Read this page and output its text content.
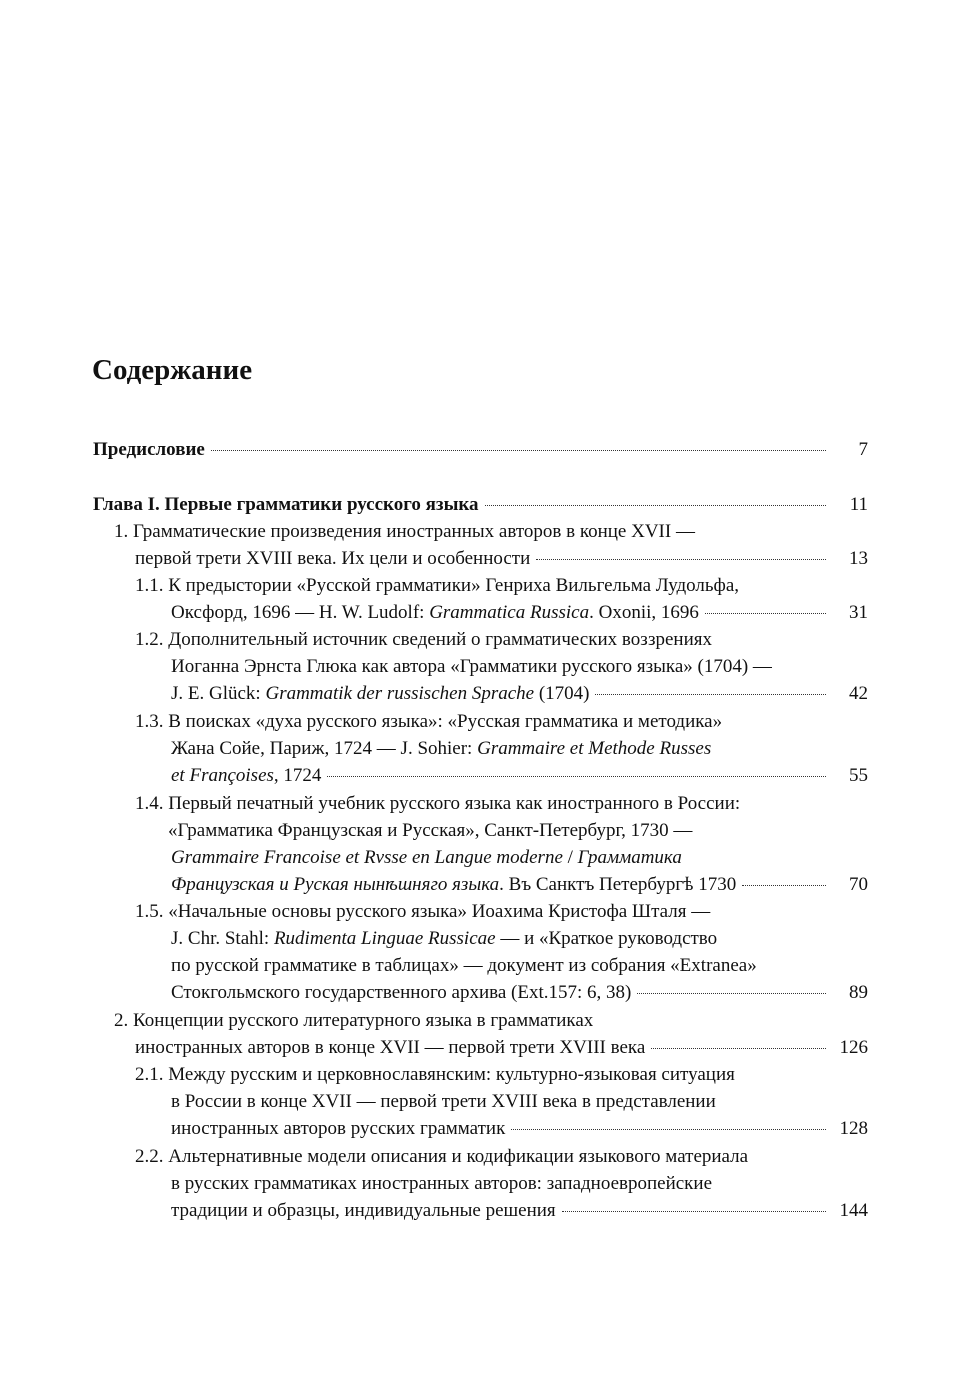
Содержание
Предисловие	7
Глава I. Первые грамматики русского языка	11
1. Грамматические произведения иностранных авторов в конце XVII —
первой трети XVIII века. Их цели и особенности	13
1.1. К предыстории «Русской грамматики» Генриха Вильгельма Лудольфа,
Оксфорд, 1696 — H. W. Ludolf: Grammatica Russica. Oxonii, 1696	31
1.2. Дополнительный источник сведений о грамматических воззрениях
Иоганна Эрнста Глюка как автора «Грамматики русского языка» (1704) —
J. E. Glück: Grammatik der russischen Sprache (1704)	42
1.3. В поисках «духа русского языка»: «Русская грамматика и методика»
Жана Сойе, Париж, 1724 — J. Sohier: Grammaire et Methode Russes
et Françoises, 1724	55
1.4. Первый печатный учебник русского языка как иностранного в России:
«Грамматика Французская и Русская», Санкт-Петербург, 1730 —
Grammaire Francoise et Rvsse en Langue moderne / Грамматика
Французская и Руская нынѣшняго языка. Въ Санктъ Петербургѣ 1730	70
1.5. «Начальные основы русского языка» Иоахима Кристофа Шталя —
J. Chr. Stahl: Rudimenta Linguae Russicae — и «Краткое руководство
по русской грамматике в таблицах» — документ из собрания «Extranea»
Стокгольмского государственного архива (Ext.157: 6, 38)	89
2. Концепции русского литературного языка в грамматиках
иностранных авторов в конце XVII — первой трети XVIII века	126
2.1. Между русским и церковнославянским: культурно-языковая ситуация
в России в конце XVII — первой трети XVIII века в представлении
иностранных авторов русских грамматик	128
2.2. Альтернативные модели описания и кодификации языкового материала
в русских грамматиках иностранных авторов: западноевропейские
традиции и образцы, индивидуальные решения	144
